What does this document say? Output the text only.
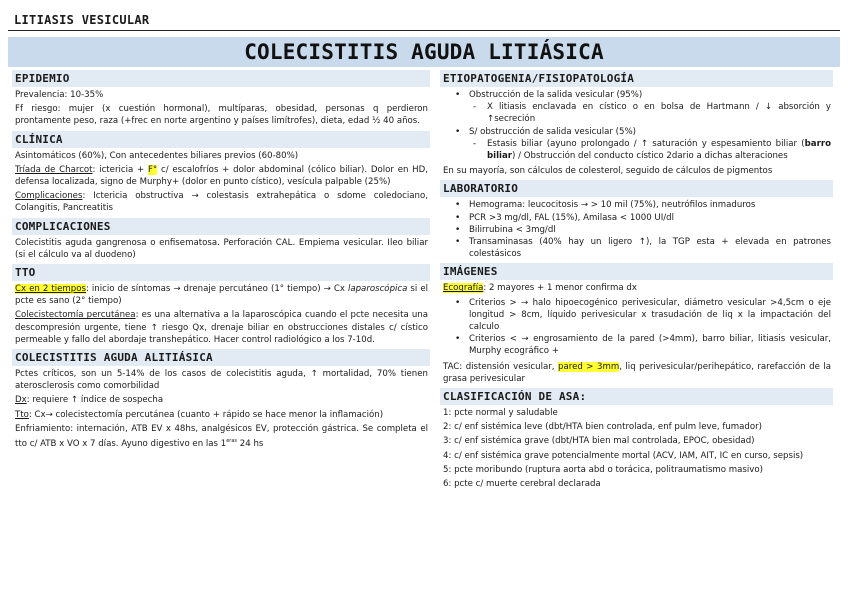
LITIASIS VESICULAR
COLECISTITIS AGUDA LITIÁSICA
EPIDEMIO

Prevalencia: 10-35%

Ff riesgo: mujer (x cuestión hormonal), multíparas, obesidad, personas q perdieron prontamente peso, raza (+frec en norte argentino y países limítrofes), dieta, edad ½ 40 años.

CLÍNICA

Asintomáticos (60%), Con antecedentes biliares previos (60-80%)

Tríada de Charcot: ictericia + F° c/ escalofríos + dolor abdominal (cólico biliar). Dolor en HD, defensa localizada, signo de Murphy+ (dolor en punto cístico), vesícula palpable (25%)

Complicaciones: Ictericia obstructiva → colestasis extrahepática o sdome coledociano, Colangitis, Pancreatitis

COMPLICACIONES

Colecistitis aguda gangrenosa o enfisematosa. Perforación CAL. Empiema vesicular. Ileo biliar (si el cálculo va al duodeno)

TTO

Cx en 2 tiempos: inicio de síntomas → drenaje percutáneo (1° tiempo) → Cx laparoscópica si el pcte es sano (2° tiempo)

Colecistectomía percutánea: es una alternativa a la laparoscópica cuando el pcte necesita una descompresión urgente, tiene ↑ riesgo Qx, drenaje biliar en obstrucciones distales c/ cístico permeable y fallo del abordaje transhepático. Hacer control radiológico a los 7-10d.

COLECISTITIS AGUDA ALITIÁSICA

Pctes críticos, son un 5-14% de los casos de colecistitis aguda, ↑ mortalidad, 70% tienen aterosclerosis como comorbilidad

Dx: requiere ↑ índice de sospecha

Tto: Cx→ colecistectomía percutánea (cuanto + rápido se hace menor la inflamación)

Enfriamiento: internación, ATB EV x 48hs, analgésicos EV, protección gástrica. Se completa el tto c/ ATB x VO x 7 días. Ayuno digestivo en las $1^{eras}$ 24 hs

ETIOPATOGENIA/FISIOPATOLOGÍA
• Obstrucción de la salida vesicular (95%)
- X litiasis enclavada en cístico o en bolsa de Hartmann / ↓ absorción y ↑secreción
• S/ obstrucción de salida vesicular (5%)
- Estasis biliar (ayuno prolongado / ↑ saturación y espesamiento biliar (barro biliar) / Obstrucción del conducto cístico 2dario a dichas alteraciones

En su mayoría, son cálculos de colesterol, seguido de cálculos de pigmentos

LABORATORIO
• Hemograma: leucocitosis → > 10 mil (75%), neutrófilos inmaduros
• PCR >3 mg/dl, FAL (15%), Amilasa < 1000 UI/dl
• Bilirrubina < 3mg/dl
• Transaminasas (40% hay un ligero ↑), la TGP esta + elevada en patrones colestásicos
IMÁGENES

Ecografía: 2 mayores + 1 menor confirma dx

• Criterios > → halo hipoecogénico perivesicular, diámetro vesicular >4,5cm o eje longitud > 8cm, líquido perivesicular x trasudación de liq x la impactación del calculo
• Criterios < → engrosamiento de la pared (>4mm), barro biliar, litiasis vesicular, Murphy ecográfico +

TAC: distensión vesicular, pared > 3mm, liq perivesicular/perihepático, rarefacción de la grasa perivesicular

CLASIFICACIÓN DE ASA:

1: pcte normal y saludable

2: c/ enf sistémica leve (dbt/HTA bien controlada, enf pulm leve, fumador)

3: c/ enf sistémica grave (dbt/HTA bien mal controlada, EPOC, obesidad)

4: c/ enf sistémica grave potencialmente mortal (ACV, IAM, AIT, IC en curso, sepsis)

5: pcte moribundo (ruptura aorta abd o torácica, politraumatismo masivo)

6: pcte c/ muerte cerebral declarada
